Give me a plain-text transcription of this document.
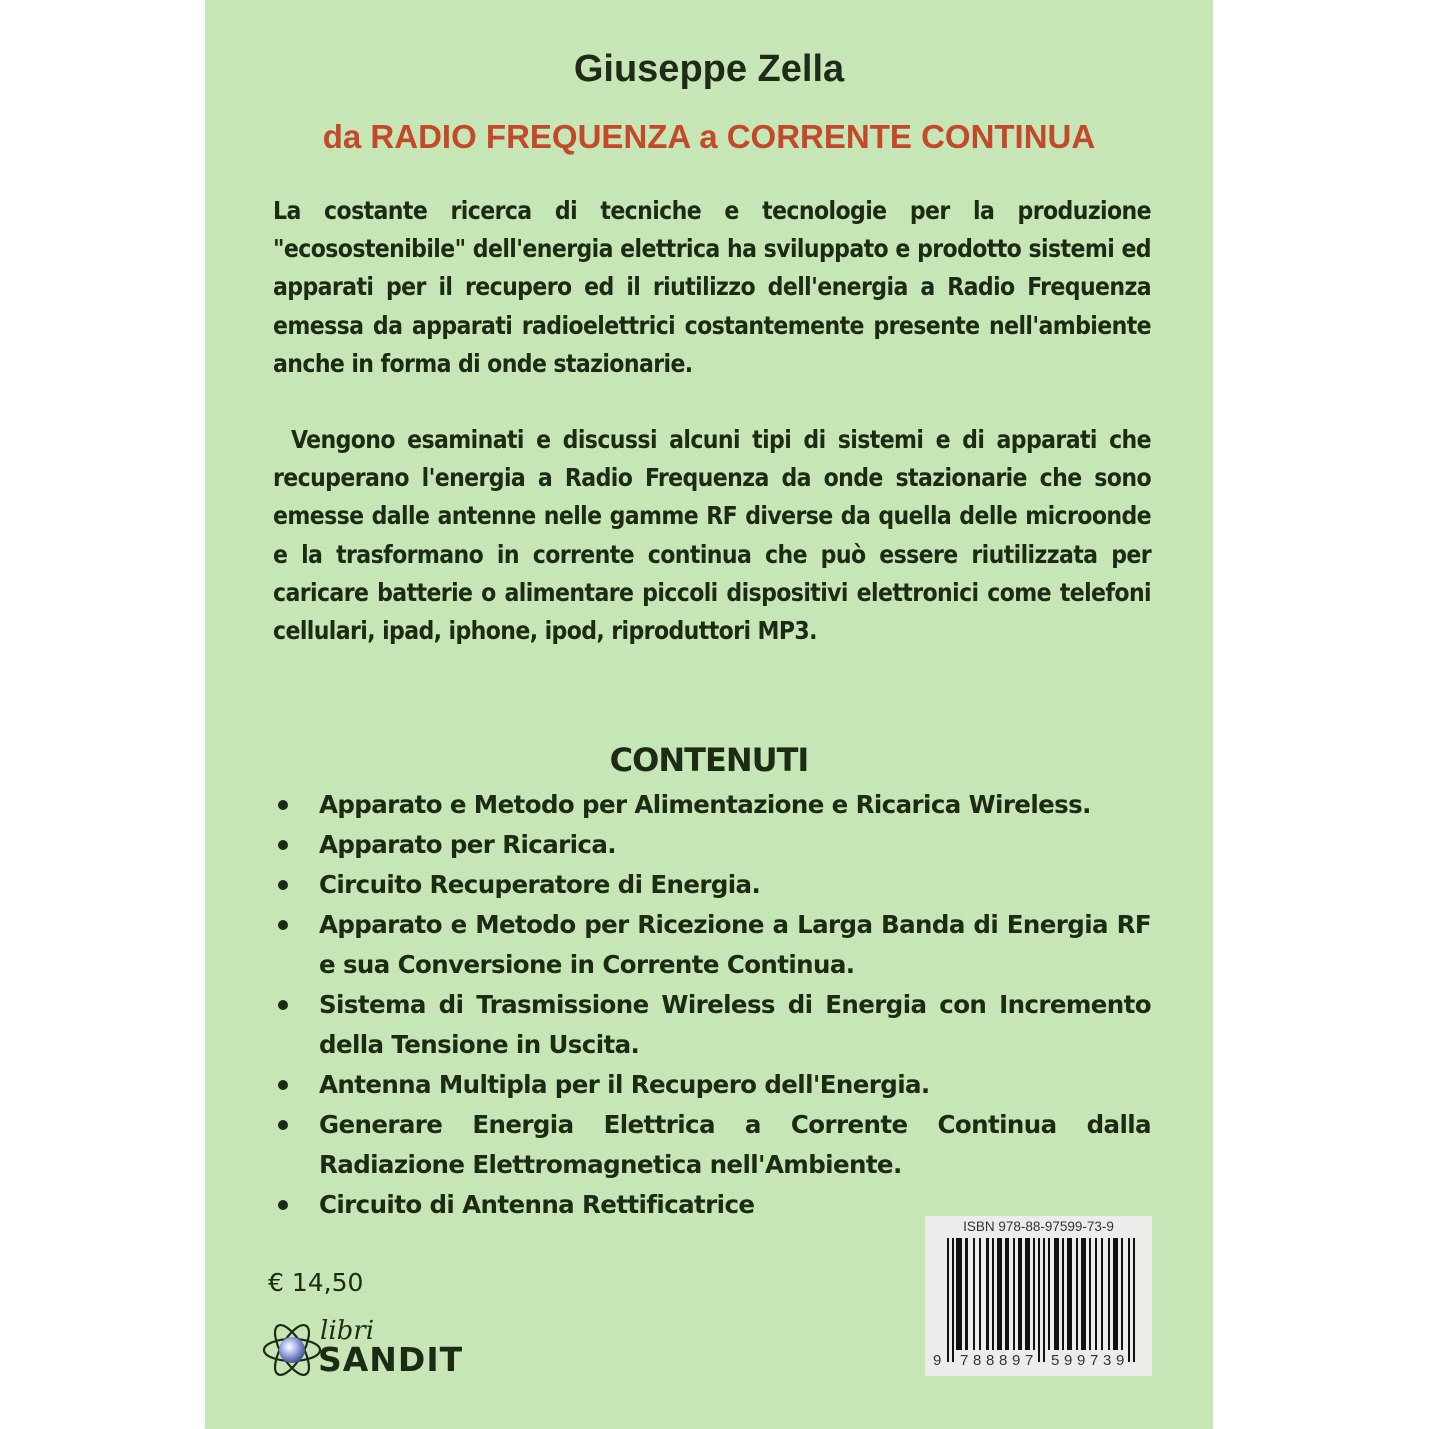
Giuseppe Zella
da RADIO FREQUENZA a CORRENTE CONTINUA
La costante ricerca di tecniche e tecnologie per la produzione "ecosostenibile" dell'energia elettrica ha sviluppato e prodotto sistemi ed apparati per il recupero ed il riutilizzo dell'energia a Radio Frequenza emessa da apparati radioelettrici costantemente presente nell'ambiente anche in forma di onde stazionarie.
Vengono esaminati e discussi alcuni tipi di sistemi e di apparati che recuperano l'energia a Radio Frequenza da onde stazionarie che sono emesse dalle antenne nelle gamme RF diverse da quella delle microonde e la trasformano in corrente continua che può essere riutilizzata per caricare batterie o alimentare piccoli dispositivi elettronici come telefoni cellulari, ipad, iphone, ipod, riproduttori MP3.
CONTENUTI
Apparato e Metodo per Alimentazione e Ricarica Wireless.
Apparato per Ricarica.
Circuito Recuperatore di Energia.
Apparato e Metodo per Ricezione a Larga Banda di Energia RF e sua Conversione in Corrente Continua.
Sistema di Trasmissione Wireless di Energia con Incremento della Tensione in Uscita.
Antenna Multipla per il Recupero dell'Energia.
Generare Energia Elettrica a Corrente Continua dalla Radiazione Elettromagnetica nell'Ambiente.
Circuito di Antenna Rettificatrice
€ 14,50
libri
SANDIT
ISBN 978-88-97599-73-9
9 7 8 8 8 9 7 5 9 9 7 3 9
